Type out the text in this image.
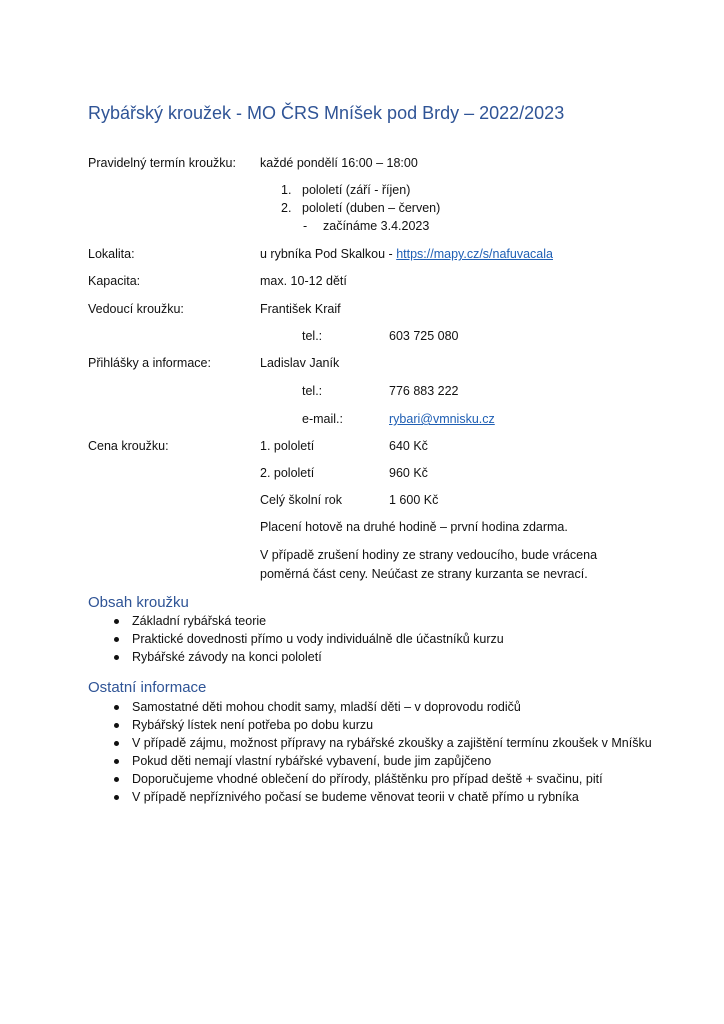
Rybářský kroužek - MO ČRS Mníšek pod Brdy – 2022/2023
Pravidelný termín kroužku: každé pondělí 16:00 – 18:00
1. pololetí (září - říjen)
2. pololetí (duben – červen)
- začínáme 3.4.2023
Lokalita:	u rybníka Pod Skalkou - https://mapy.cz/s/nafuvacala
Kapacita:	max. 10-12 dětí
Vedoucí kroužku:	František Kraif
tel.:	603 725 080
Přihlášky a informace:	Ladislav Janík
tel.:	776 883 222
e-mail.:	rybari@vmnisku.cz
Cena kroužku:	1. pololetí	640 Kč
2. pololetí	960 Kč
Celý školní rok	1 600 Kč
Placení hotově na druhé hodině – první hodina zdarma.
V případě zrušení hodiny ze strany vedoucího, bude vrácena
poměrná část ceny. Neúčast ze strany kurzanta se nevrací.
Obsah kroužku
Základní rybářská teorie
Praktické dovednosti přímo u vody individuálně dle účastníků kurzu
Rybářské závody na konci pololetí
Ostatní informace
Samostatné děti mohou chodit samy, mladší děti – v doprovodu rodičů
Rybářský lístek není potřeba po dobu kurzu
V případě zájmu, možnost přípravy na rybářské zkoušky a zajištění termínu zkoušek v Mníšku
Pokud děti nemají vlastní rybářské vybavení, bude jim zapůjčeno
Doporučujeme vhodné oblečení do přírody, pláštěnku pro případ deště + svačinu, pití
V případě nepříznivého počasí se budeme věnovat teorii v chatě přímo u rybníka
